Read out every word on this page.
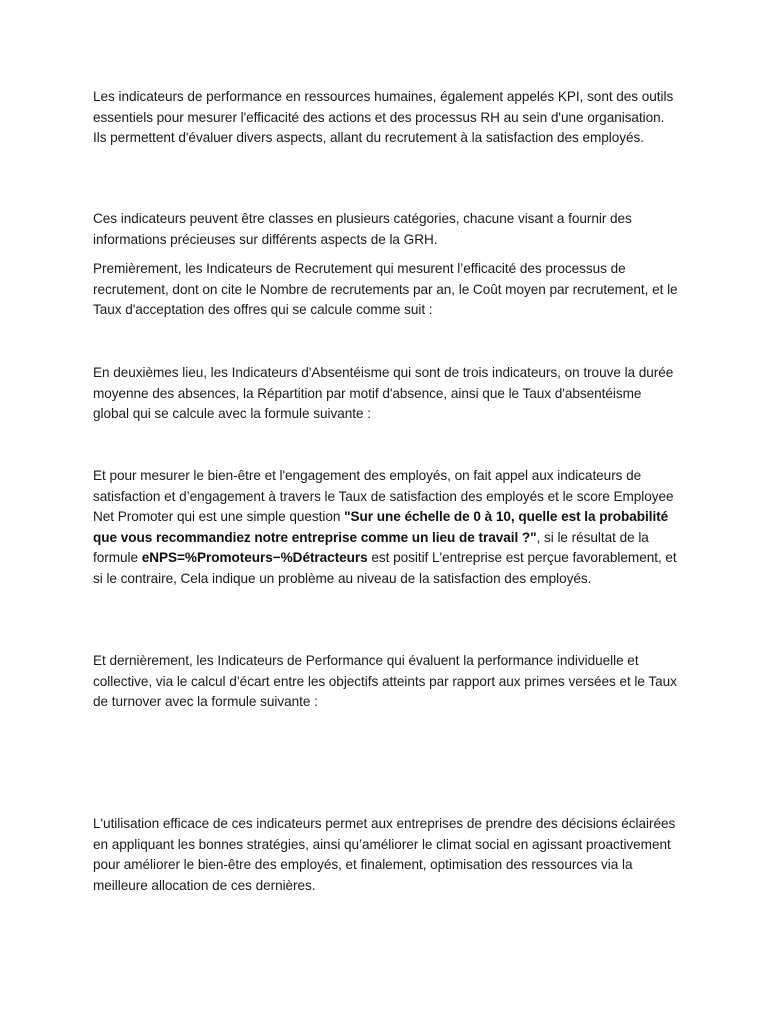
Les indicateurs de performance en ressources humaines, également appelés KPI, sont des outils essentiels pour mesurer l'efficacité des actions et des processus RH au sein d'une organisation. Ils permettent d'évaluer divers aspects, allant du recrutement à la satisfaction des employés.

Ces indicateurs peuvent être classes en plusieurs catégories, chacune visant a fournir des informations précieuses sur différents aspects de la GRH.

Premièrement, les Indicateurs de Recrutement qui mesurent l’efficacité des processus de recrutement, dont on cite le Nombre de recrutements par an, le Coût moyen par recrutement, et le Taux d'acceptation des offres qui se calcule comme suit :

En deuxièmes lieu, les Indicateurs d'Absentéisme qui sont de trois indicateurs, on trouve la durée moyenne des absences, la Répartition par motif d'absence, ainsi que le Taux d'absentéisme global qui se calcule avec la formule suivante :

Et pour mesurer le bien-être et l'engagement des employés, on fait appel aux indicateurs de satisfaction et d’engagement à travers le Taux de satisfaction des employés et le score Employee Net Promoter qui est une simple question "Sur une échelle de 0 à 10, quelle est la probabilité que vous recommandiez notre entreprise comme un lieu de travail ?", si le résultat de la formule eNPS=%Promoteurs−%Détracteurs est positif L'entreprise est perçue favorablement, et si le contraire, Cela indique un problème au niveau de la satisfaction des employés.

Et dernièrement, les Indicateurs de Performance qui évaluent la performance individuelle et collective, via le calcul d’écart entre les objectifs atteints par rapport aux primes versées et le Taux de turnover avec la formule suivante :

L'utilisation efficace de ces indicateurs permet aux entreprises de prendre des décisions éclairées en appliquant les bonnes stratégies, ainsi qu’améliorer le climat social en agissant proactivement pour améliorer le bien-être des employés, et finalement, optimisation des ressources via la meilleure allocation de ces dernières.
